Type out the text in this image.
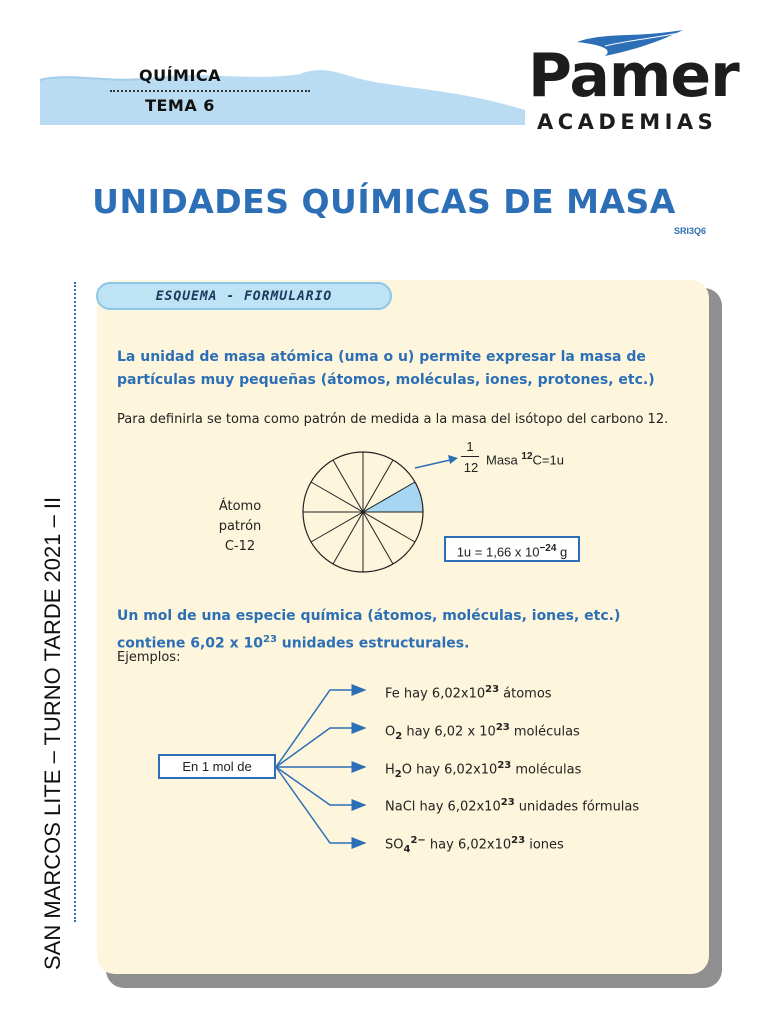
QUÍMICA
TEMA 6	Pamer
ACADEMIAS
UNIDADES QUÍMICAS DE MASA
SRI3Q6
SAN MARCOS LITE – TURNO TARDE 2021 – II
ESQUEMA - FORMULARIO
La unidad de masa atómica (uma o u) permite expresar la masa de partículas muy pequeñas (átomos, moléculas, iones, protones, etc.)
Para definirla se toma como patrón de medida a la masa del isótopo del carbono 12.
Átomo patrón
C-12
1
12
Masa $^{12}$C=1u
1u = 1,66 x $10^{-24}$ g
Un mol de una especie química (átomos, moléculas, iones, etc.) contiene 6,02 x $10^{23}$ unidades estructurales.
Ejemplos:
En 1 mol de
Fe hay $6,02x10^{23}$ átomos
$O_2$ hay 6,02 x $10^{23}$ moléculas
$H_2O$ hay $6,02x10^{23}$ moléculas
NaCl hay $6,02x10^{23}$ unidades fórmulas
$SO_4^{2-}$ hay $6,02x10^{23}$ iones
